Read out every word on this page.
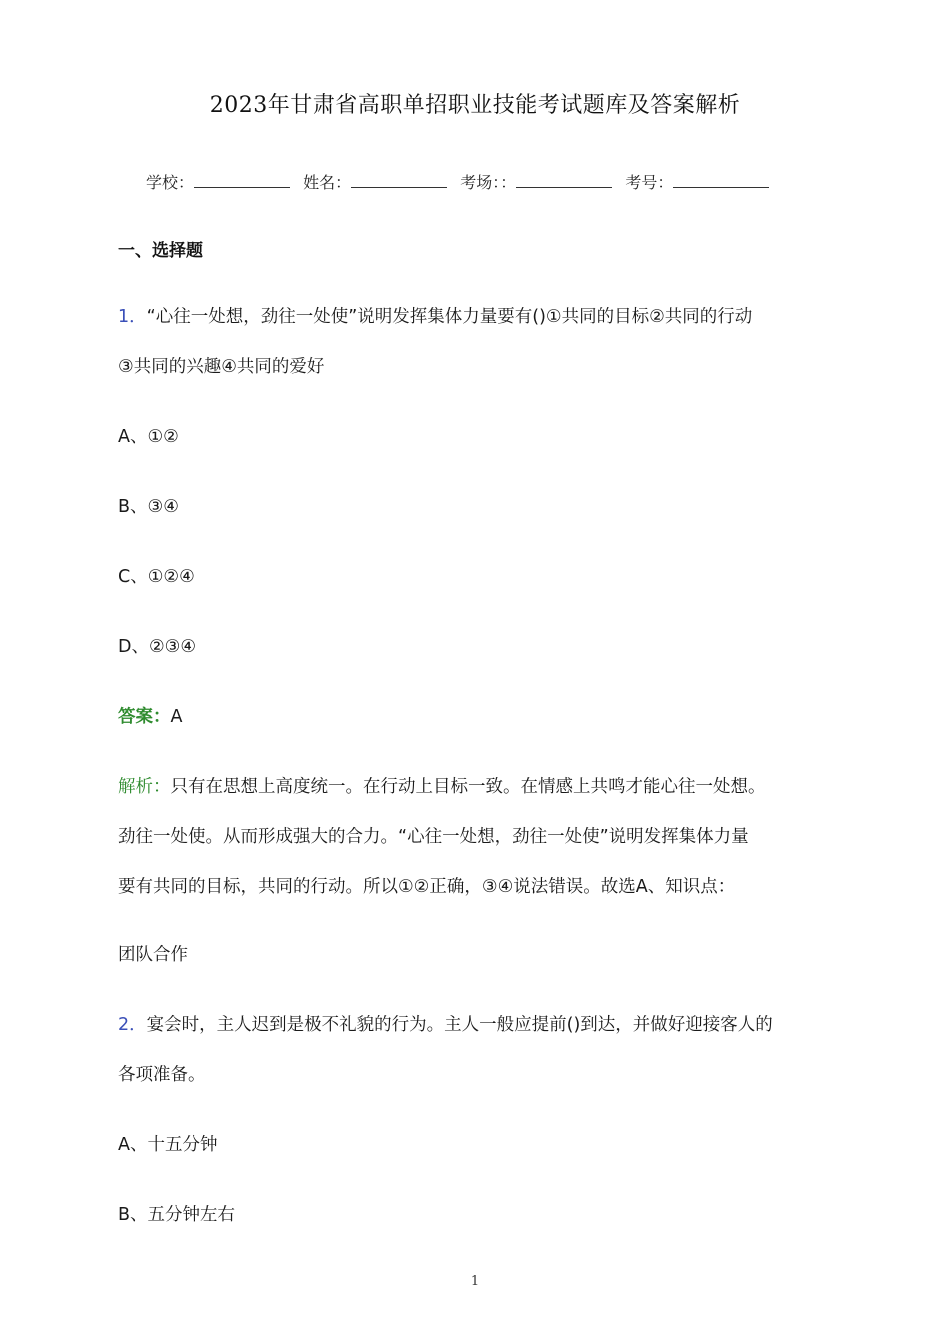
2023年甘肃省高职单招职业技能考试题库及答案解析
学校：	姓名：	考场：：	考号：
一、选择题
1．“心往一处想，劲往一处使”说明发挥集体力量要有()①共同的目标②共同的行动
③共同的兴趣④共同的爱好
A、①②
B、③④
C、①②④
D、②③④
答案：A
解析：只有在思想上高度统一。在行动上目标一致。在情感上共鸣才能心往一处想。
劲往一处使。从而形成强大的合力。“心往一处想，劲往一处使”说明发挥集体力量
要有共同的目标，共同的行动。所以①②正确，③④说法错误。故选A、知识点：
团队合作
2．宴会时，主人迟到是极不礼貌的行为。主人一般应提前()到达，并做好迎接客人的
各项准备。
A、十五分钟
B、五分钟左右
1
